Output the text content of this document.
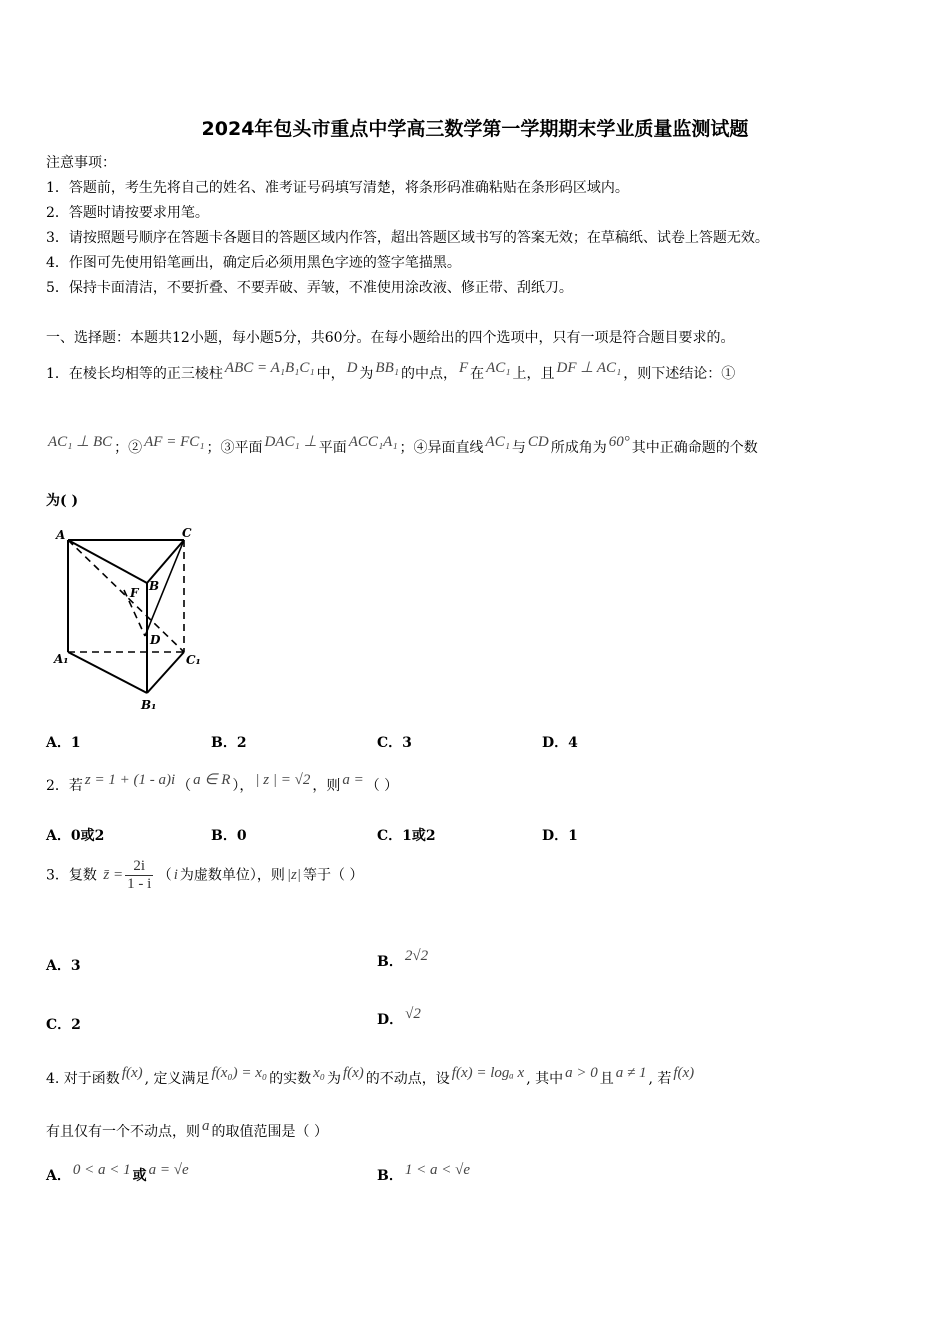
2024年包头市重点中学高三数学第一学期期末学业质量监测试题
注意事项：
1．答题前，考生先将自己的姓名、准考证号码填写清楚，将条形码准确粘贴在条形码区域内。
2．答题时请按要求用笔。
3．请按照题号顺序在答题卡各题目的答题区域内作答，超出答题区域书写的答案无效；在草稿纸、试卷上答题无效。
4．作图可先使用铅笔画出，确定后必须用黑色字迹的签字笔描黑。
5．保持卡面清洁，不要折叠、不要弄破、弄皱，不准使用涂改液、修正带、刮纸刀。
一、选择题：本题共12小题，每小题5分，共60分。在每小题给出的四个选项中，只有一项是符合题目要求的。
1．在棱长均相等的正三棱柱 ABC = A₁B₁C₁ 中， D 为 BB₁ 的中点， F 在 AC₁ 上，且 DF ⊥ AC₁ ，则下述结论：①
AC₁ ⊥ BC ；② AF = FC₁ ；③平面 DAC₁ ⊥ 平面 ACC₁A₁ ；④异面直线 AC₁ 与 CD 所成角为 60° 其中正确命题的个数
为( )
A	C
B
F
D
A₁	C₁
B₁
A．1	B．2	C．3	D．4
2．若 z = 1 + (1 - a)i （ a ∈ R ）， | z | = √2 ，则 a = （ ）
A．0或2	B．0	C．1或2	D．1
3．复数 z̄ = $\frac{2i}{1 - i}$ （ i 为虚数单位），则 |z| 等于（ ）
A．3	B． 2√2
C．2	D． √2
4. 对于函数 f(x) , 定义满足 f(x₀) = x₀ 的实数 x₀ 为 f(x) 的不动点，设 f(x) = logₐ x , 其中 a > 0 且 a ≠ 1 , 若 f(x)
有且仅有一个不动点，则 a 的取值范围是（ ）
A． 0 < a < 1 或 a = √e	B． 1 < a < √e
